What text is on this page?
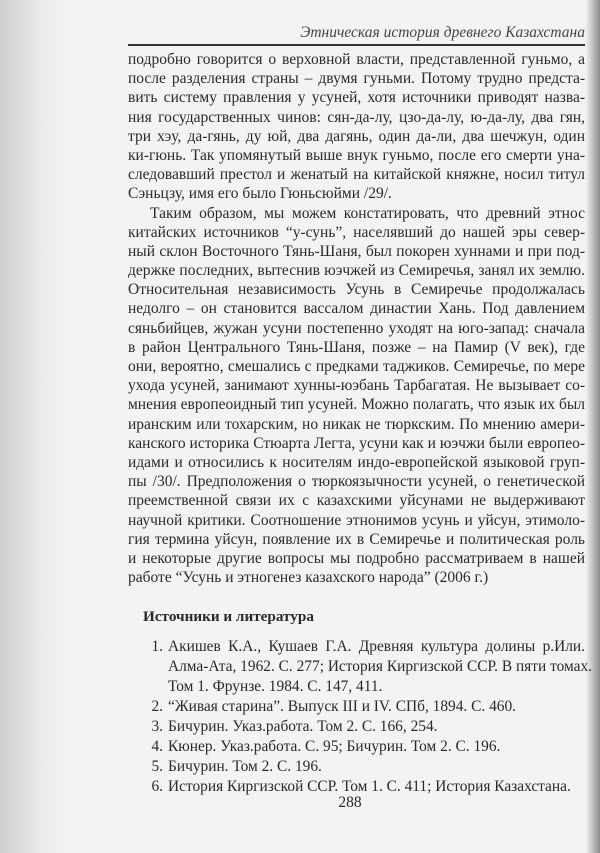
Этническая история древнего Казахстана
подробно говорится о верховной власти, представленной гуньмо, а
после разделения страны – двумя гуньми. Потому трудно предста-
вить систему правления у усуней, хотя источники приводят назва-
ния государственных чинов: сян-да-лу, цзо-да-лу, ю-да-лу, два гян,
три хэу, да-гянь, ду юй, два дагянь, один да-ли, два шечжун, один
ки-гюнь. Так упомянутый выше внук гуньмо, после его смерти уна-
следовавший престол и женатый на китайской княжне, носил титул
Сэньцзу, имя его было Гюньсюйми /29/.
Таким образом, мы можем констатировать, что древний этнос
китайских источников “у-сунь”, населявший до нашей эры север-
ный склон Восточного Тянь-Шаня, был покорен хуннами и при под-
держке последних, вытеснив юэчжей из Семиречья, занял их землю.
Относительная независимость Усунь в Семиречье продолжалась
недолго – он становится вассалом династии Хань. Под давлением
сяньбийцев, жужан усуни постепенно уходят на юго-запад: сначала
в район Центрального Тянь-Шаня, позже – на Памир (V век), где
они, вероятно, смешались с предками таджиков. Семиречье, по мере
ухода усуней, занимают хунны-юэбань Тарбагатая. Не вызывает со-
мнения европеоидный тип усуней. Можно полагать, что язык их был
иранским или тохарским, но никак не тюркским. По мнению амери-
канского историка Стюарта Легта, усуни как и юэчжи были европео-
идами и относились к носителям индо-европейской языковой груп-
пы /30/. Предположения о тюркоязычности усуней, о генетической
преемственной связи их с казахскими уйсунами не выдерживают
научной критики. Соотношение этнонимов усунь и уйсун, этимоло-
гия термина уйсун, появление их в Семиречье и политическая роль
и некоторые другие вопросы мы подробно рассматриваем в нашей
работе “Усунь и этногенез казахского народа” (2006 г.)
Источники и литература
1. Акишев К.А., Кушаев Г.А. Древняя культура долины р.Или.
Алма-Ата, 1962. С. 277; История Киргизской ССР. В пяти томах.
Том 1. Фрунзе. 1984. С. 147, 411.
2. “Живая старина”. Выпуск III и IV. СПб, 1894. С. 460.
3. Бичурин. Указ.работа. Том 2. С. 166, 254.
4. Кюнер. Указ.работа. С. 95; Бичурин. Том 2. С. 196.
5. Бичурин. Том 2. С. 196.
6. История Киргизской ССР. Том 1. С. 411; История Казахстана.
288
